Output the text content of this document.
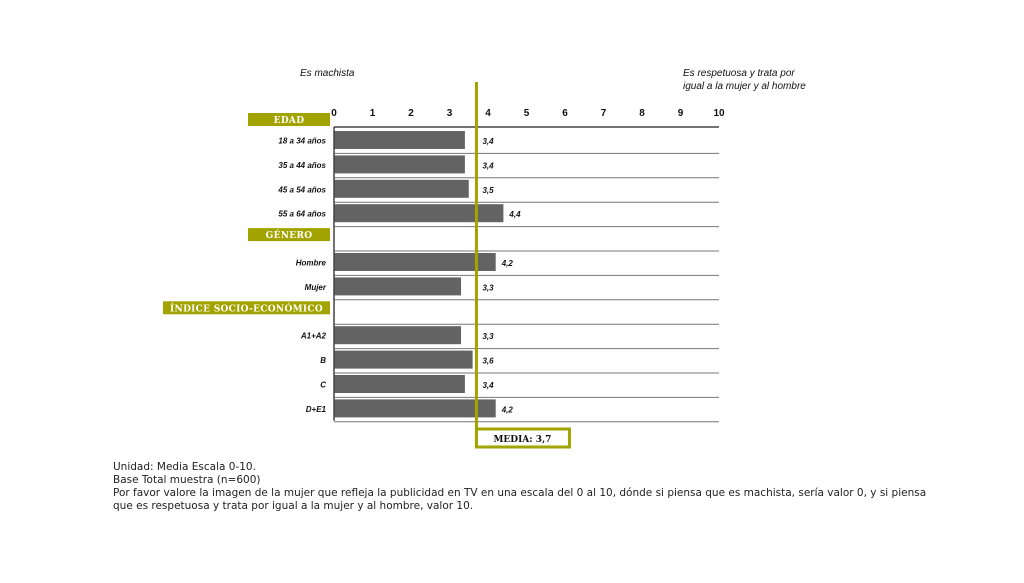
Es machista	Es respetuosa y trata por
igual a la mujer y al hombre
0	1	2	3	4	5	6	7	8	9	10
EDAD
18 a 34 años	3,4
35 a 44 años	3,4
45 a 54 años	3,5
55 a 64 años	4,4
GÉNERO
Hombre	4,2
Mujer	3,3
ÍNDICE SOCIO-ECONÓMICO
A1+A2	3,3
B	3,6
C	3,4
D+E1	4,2
MEDIA: 3,7
Unidad: Media Escala 0-10.
Base Total muestra (n=600)
Por favor valore la imagen de la mujer que refleja la publicidad en TV en una escala del 0 al 10, dónde si piensa que es machista, sería valor 0, y si piensa
que es respetuosa y trata por igual a la mujer y al hombre, valor 10.
